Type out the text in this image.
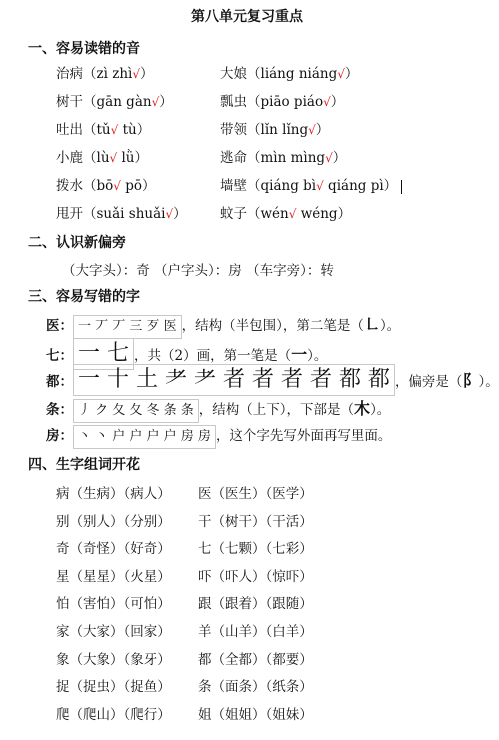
第八单元复习重点
一、容易读错的音
治病（zì zhì√）
树干（gān gàn√）
吐出（tǔ√ tù）
小鹿（lù√ lǜ）
拨水（bō√ pō）
甩开（suǎi shuǎi√）
大娘（liáng niáng√）
瓢虫（piāo piáo√）
带领（lǐn lǐng√）
逃命（mìn mìng√）
墙壁（qiáng bì√ qiáng pì）
蚊子（wén√ wéng）
二、认识新偏旁
（大字头）：奇 （户字头）：房 （车字旁）：转
三、容易写错的字
医： 一 丆 丆 三 歹 医 ，结构（半包围），第二笔是（㇗）。
七： 一 七 ，共（2）画，第一笔是（一）。
都： 一 十 土 耂 耂 者 者 者 者 都 都 ，偏旁是（阝）。
条： 丿 ク 夂 夂 冬 条 条 ，结构（上下），下部是（木）。
房： 丶 丶 户 户 户 户 房 房 ，这个字先写外面再写里面。
四、生字组词开花
病（生病）（病人） 医（医生）（医学）
别（别人）（分别） 干（树干）（干活）
奇（奇怪）（好奇） 七（七颗）（七彩）
星（星星）（火星） 吓（吓人）（惊吓）
怕（害怕）（可怕） 跟（跟着）（跟随）
家（大家）（回家） 羊（山羊）（白羊）
象（大象）（象牙） 都（全都）（都要）
捉（捉虫）（捉鱼） 条（面条）（纸条）
爬（爬山）（爬行） 姐（姐姐）（姐妹）
